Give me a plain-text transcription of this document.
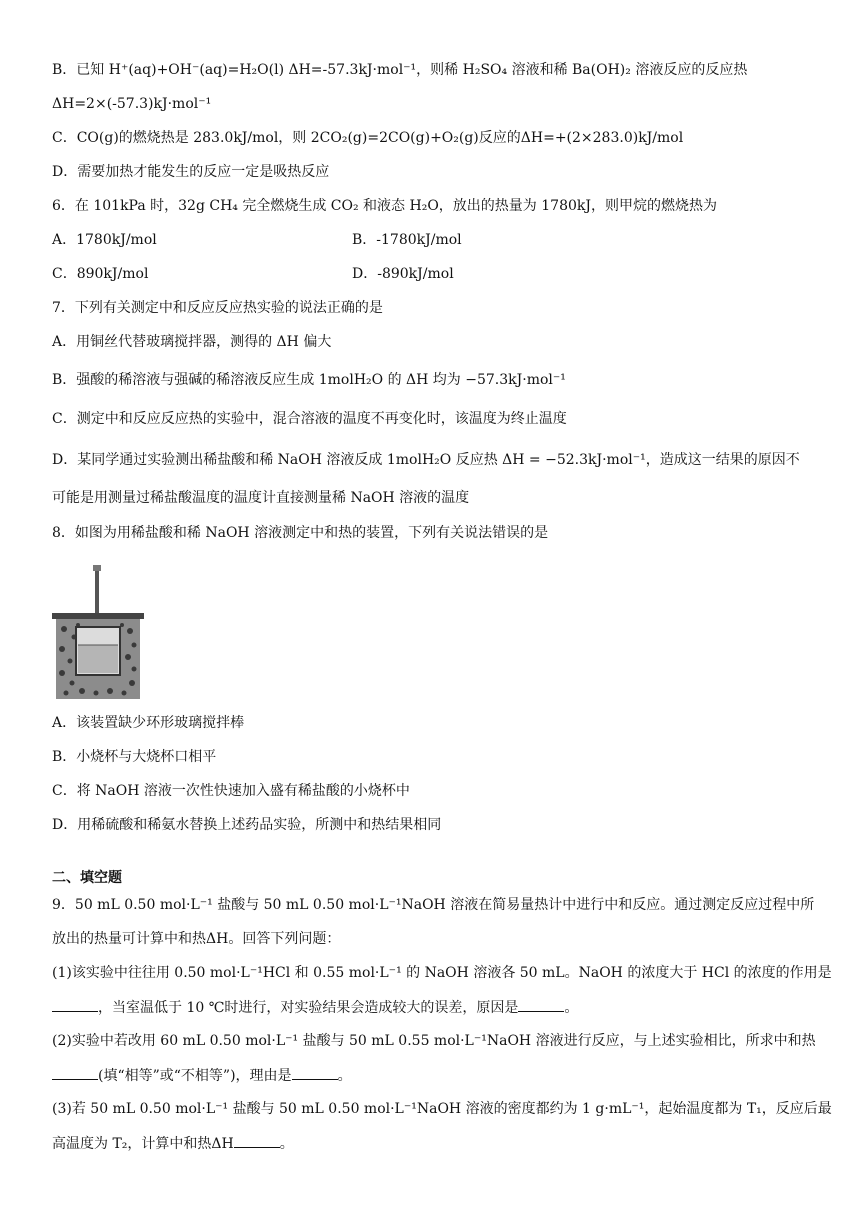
B．已知 H⁺(aq)+OH⁻(aq)=H₂O(l) ΔH=-57.3kJ·mol⁻¹，则稀 H₂SO₄ 溶液和稀 Ba(OH)₂ 溶液反应的反应热
ΔH=2×(-57.3)kJ·mol⁻¹
C．CO(g)的燃烧热是 283.0kJ/mol，则 2CO₂(g)=2CO(g)+O₂(g)反应的ΔH=+(2×283.0)kJ/mol
D．需要加热才能发生的反应一定是吸热反应
6．在 101kPa 时，32g CH₄ 完全燃烧生成 CO₂ 和液态 H₂O，放出的热量为 1780kJ，则甲烷的燃烧热为
A．1780kJ/mol	B．-1780kJ/mol
C．890kJ/mol	D．-890kJ/mol
7．下列有关测定中和反应反应热实验的说法正确的是
A．用铜丝代替玻璃搅拌器，测得的 ΔH 偏大
B．强酸的稀溶液与强碱的稀溶液反应生成 1molH₂O 的 ΔH 均为 −57.3kJ·mol⁻¹
C．测定中和反应反应热的实验中，混合溶液的温度不再变化时，该温度为终止温度
D．某同学通过实验测出稀盐酸和稀 NaOH 溶液反成 1molH₂O 反应热 ΔH = −52.3kJ·mol⁻¹，造成这一结果的原因不
可能是用测量过稀盐酸温度的温度计直接测量稀 NaOH 溶液的温度
8．如图为用稀盐酸和稀 NaOH 溶液测定中和热的装置，下列有关说法错误的是
A．该装置缺少环形玻璃搅拌棒
B．小烧杯与大烧杯口相平
C．将 NaOH 溶液一次性快速加入盛有稀盐酸的小烧杯中
D．用稀硫酸和稀氨水替换上述药品实验，所测中和热结果相同
二、填空题
9．50 mL 0.50 mol·L⁻¹ 盐酸与 50 mL 0.50 mol·L⁻¹NaOH 溶液在简易量热计中进行中和反应。通过测定反应过程中所
放出的热量可计算中和热ΔH。回答下列问题：
(1)该实验中往往用 0.50 mol·L⁻¹HCl 和 0.55 mol·L⁻¹ 的 NaOH 溶液各 50 mL。NaOH 的浓度大于 HCl 的浓度的作用是
，当室温低于 10 ℃时进行，对实验结果会造成较大的误差，原因是	。
(2)实验中若改用 60 mL 0.50 mol·L⁻¹ 盐酸与 50 mL 0.55 mol·L⁻¹NaOH 溶液进行反应，与上述实验相比，所求中和热
(填“相等”或“不相等”)，理由是	。
(3)若 50 mL 0.50 mol·L⁻¹ 盐酸与 50 mL 0.50 mol·L⁻¹NaOH 溶液的密度都约为 1 g·mL⁻¹，起始温度都为 T₁，反应后最
高温度为 T₂，计算中和热ΔH	。
